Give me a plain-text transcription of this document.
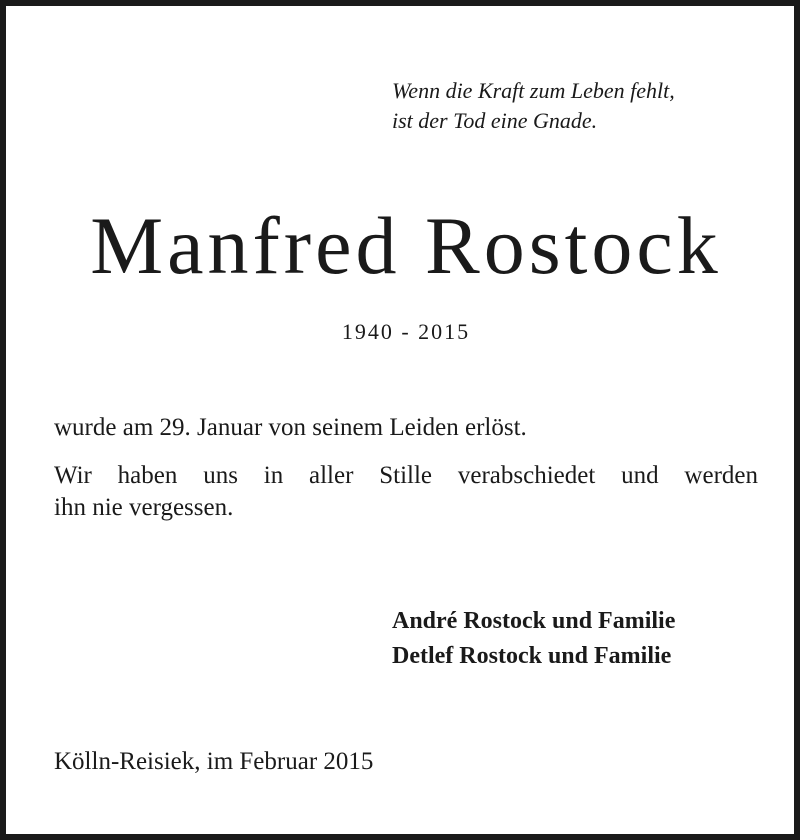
Wenn die Kraft zum Leben fehlt,
ist der Tod eine Gnade.
Manfred Rostock
1940 - 2015
wurde am 29. Januar von seinem Leiden erlöst.
Wir haben uns in aller Stille verabschiedet und werden
ihn nie vergessen.
André Rostock und Familie
Detlef Rostock und Familie
Kölln-Reisiek, im Februar 2015
